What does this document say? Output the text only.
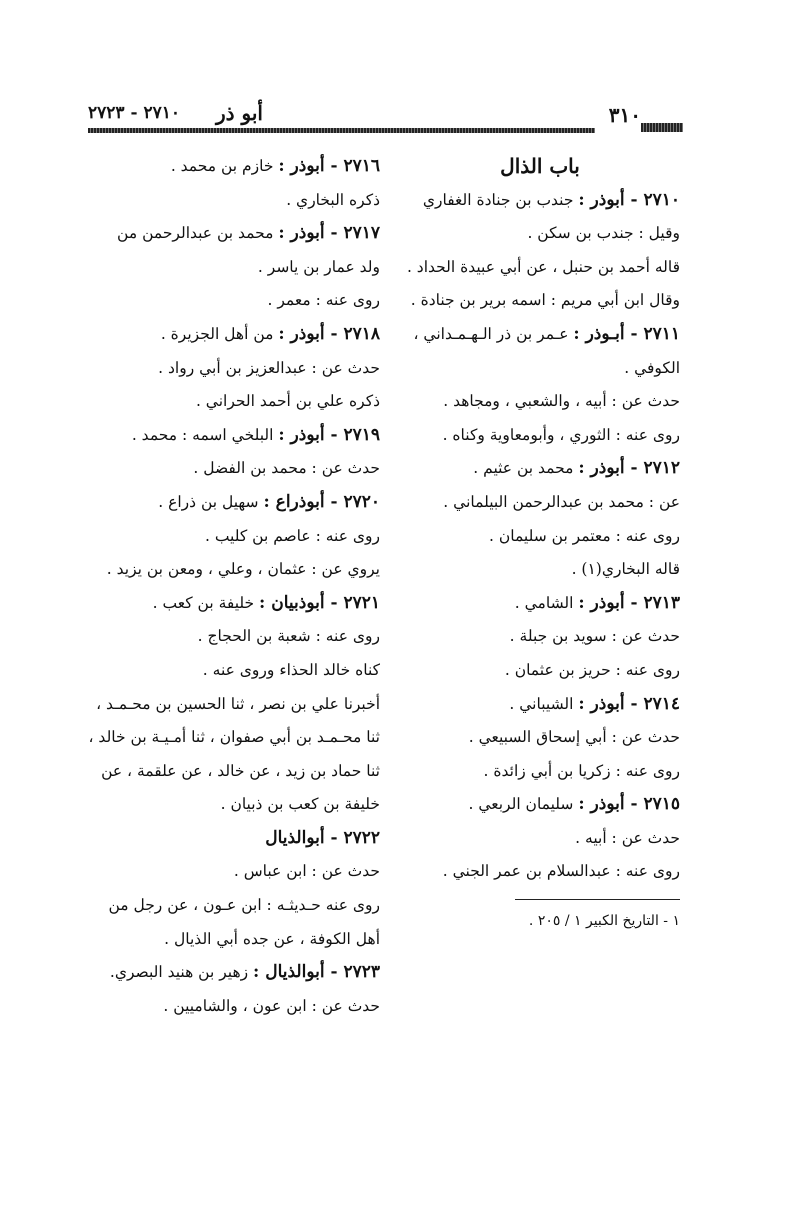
٣١٠
أبو ذر
٢٧١٠ - ٢٧٢٣
باب الذال
٢٧١٠ - أبوذر : جندب بن جنادة الغفاري
وقيل : جندب بن سكن .
قاله أحمد بن حنبل ، عن أبي عبيدة الحداد .
وقال ابن أبي مريم : اسمه برير بن جنادة .
٢٧١١ - أبـوذر : عـمر بن ذر الـهـمـداني ،
الكوفي .
حدث عن : أبيه ، والشعبي ، ومجاهد .
روى عنه : الثوري ، وأبومعاوية وكناه .
٢٧١٢ - أبوذر : محمد بن عثيم .
عن : محمد بن عبدالرحمن البيلماني .
روى عنه : معتمر بن سليمان .
قاله البخاري(١) .
٢٧١٣ - أبوذر : الشامي .
حدث عن : سويد بن جبلة .
روى عنه : حريز بن عثمان .
٢٧١٤ - أبوذر : الشيباني .
حدث عن : أبي إسحاق السبيعي .
روى عنه : زكريا بن أبي زائدة .
٢٧١٥ - أبوذر : سليمان الربعي .
حدث عن : أبيه .
روى عنه : عبدالسلام بن عمر الجني .
١ - التاريخ الكبير ١ / ٢٠٥ .
٢٧١٦ - أبوذر : خازم بن محمد .
ذكره البخاري .
٢٧١٧ - أبوذر : محمد بن عبدالرحمن من
ولد عمار بن ياسر .
روى عنه : معمر .
٢٧١٨ - أبوذر : من أهل الجزيرة .
حدث عن : عبدالعزيز بن أبي رواد .
ذكره علي بن أحمد الحراني .
٢٧١٩ - أبوذر : البلخي اسمه : محمد .
حدث عن : محمد بن الفضل .
٢٧٢٠ - أبوذراع : سهيل بن ذراع .
روى عنه : عاصم بن كليب .
يروي عن : عثمان ، وعلي ، ومعن بن يزيد .
٢٧٢١ - أبوذبيان : خليفة بن كعب .
روى عنه : شعبة بن الحجاج .
كناه خالد الحذاء وروى عنه .
أخبرنا علي بن نصر ، ثنا الحسين بن محـمـد ،
ثنا محـمـد بن أبي صفوان ، ثنا أمـيـة بن خالد ،
ثنا حماد بن زيد ، عن خالد ، عن علقمة ، عن
خليفة بن كعب بن ذبيان .
٢٧٢٢ - أبوالذيال
حدث عن : ابن عباس .
روى عنه حـديثـه : ابن عـون ، عن رجل من
أهل الكوفة ، عن جده أبي الذيال .
٢٧٢٣ - أبوالذيال : زهير بن هنيد البصري.
حدث عن : ابن عون ، والشاميين .
